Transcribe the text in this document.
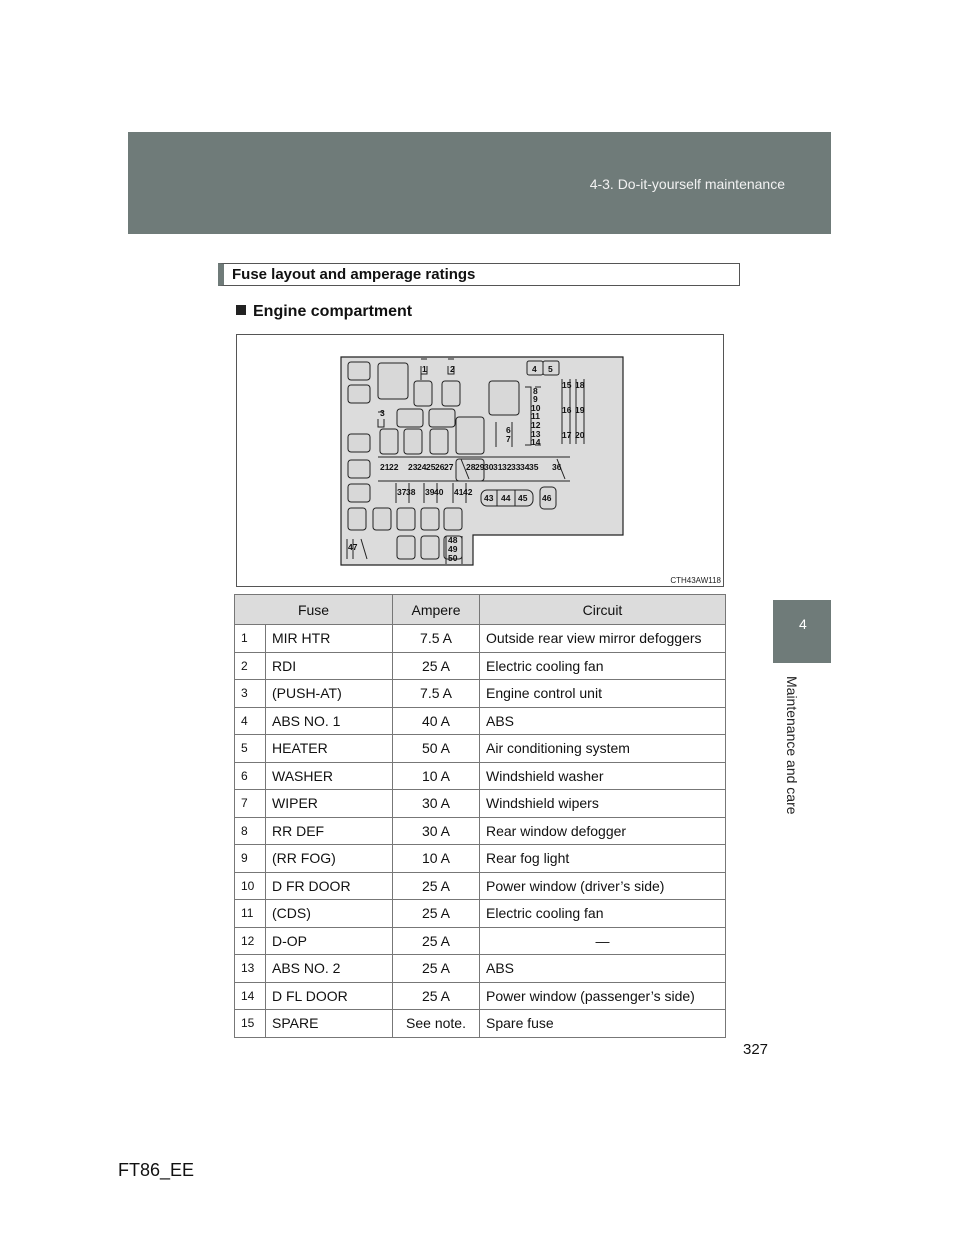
4-3. Do-it-yourself maintenance
4
Maintenance and care
Fuse layout and amperage ratings
Engine compartment
1	2
3
4 5
6
7
8
9
10
11
12
13
14
15 18
16 19
17 20
21 22 23 24 25 26 27 28 29 30 31 32 33 34 35 36
37 38 39 40 41 42
43 44 45 46
47
48
49
50
CTH43AW118
Fuse		Ampere	Circuit
1	MIR HTR	7.5 A	Outside rear view mirror defoggers
2	RDI	25 A	Electric cooling fan
3	(PUSH-AT)	7.5 A	Engine control unit
4	ABS NO. 1	40 A	ABS
5	HEATER	50 A	Air conditioning system
6	WASHER	10 A	Windshield washer
7	WIPER	30 A	Windshield wipers
8	RR DEF	30 A	Rear window defogger
9	(RR FOG)	10 A	Rear fog light
10	D FR DOOR	25 A	Power window (driver’s side)
11	(CDS)	25 A	Electric cooling fan
12	D-OP	25 A	—
13	ABS NO. 2	25 A	ABS
14	D FL DOOR	25 A	Power window (passenger’s side)
15	SPARE	See note.	Spare fuse
327
FT86_EE
